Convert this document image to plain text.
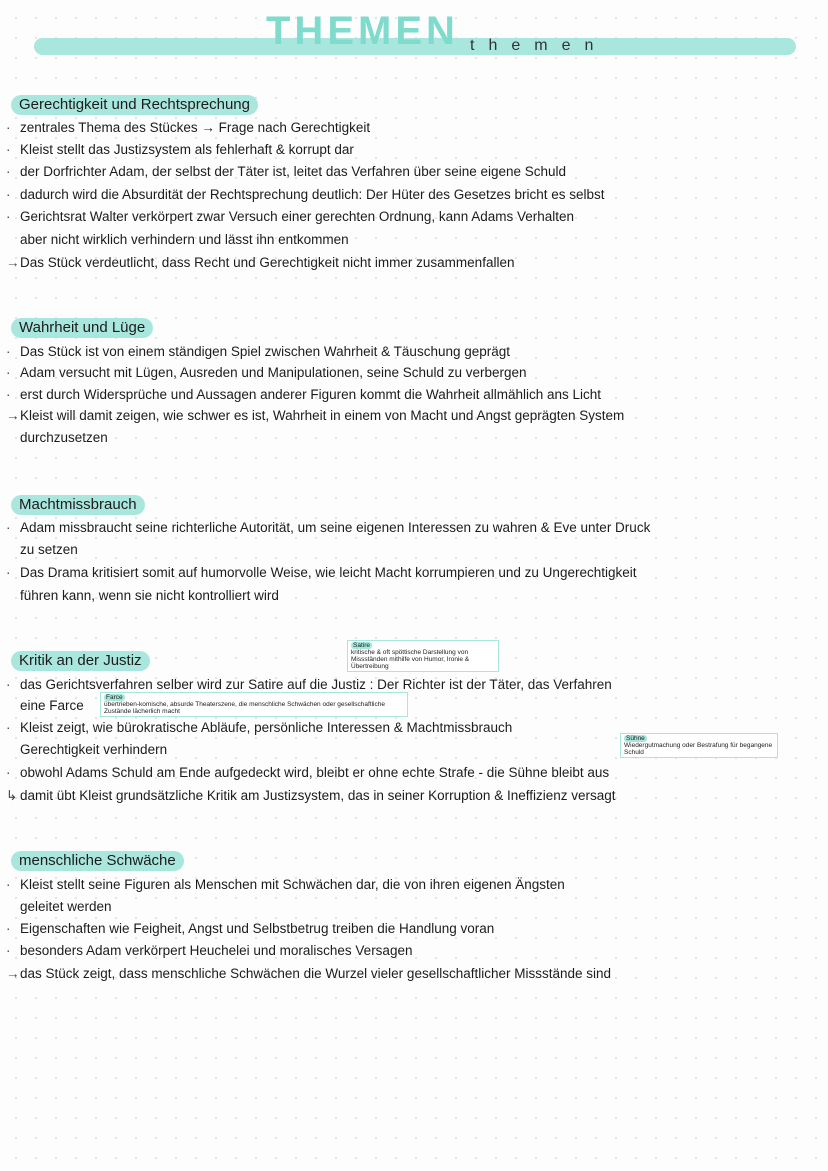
THEMEN themen
Gerechtigkeit und Rechtsprechung
· zentrales Thema des Stückes → Frage nach Gerechtigkeit
· Kleist stellt das Justizsystem als fehlerhaft & korrupt dar
· der Dorfrichter Adam, der selbst der Täter ist, leitet das Verfahren über seine eigene Schuld
· dadurch wird die Absurdität der Rechtsprechung deutlich: Der Hüter des Gesetzes bricht es selbst
· Gerichtsrat Walter verkörpert zwar Versuch einer gerechten Ordnung, kann Adams Verhalten
aber nicht wirklich verhindern und lässt ihn entkommen
→Das Stück verdeutlicht, dass Recht und Gerechtigkeit nicht immer zusammenfallen
Wahrheit und Lüge
· Das Stück ist von einem ständigen Spiel zwischen Wahrheit & Täuschung geprägt
· Adam versucht mit Lügen, Ausreden und Manipulationen, seine Schuld zu verbergen
· erst durch Widersprüche und Aussagen anderer Figuren kommt die Wahrheit allmählich ans Licht
→Kleist will damit zeigen, wie schwer es ist, Wahrheit in einem von Macht und Angst geprägten System
durchzusetzen
Machtmissbrauch
· Adam missbraucht seine richterliche Autorität, um seine eigenen Interessen zu wahren & Eve unter Druck
zu setzen
· Das Drama kritisiert somit auf humorvolle Weise, wie leicht Macht korrumpieren und zu Ungerechtigkeit
führen kann, wenn sie nicht kontrolliert wird
Kritik an der Justiz
· das Gerichtsverfahren selber wird zur Satire auf die Justiz : Der Richter ist der Täter, das Verfahren
eine Farce
· Kleist zeigt, wie bürokratische Abläufe, persönliche Interessen & Machtmissbrauch
Gerechtigkeit verhindern
· obwohl Adams Schuld am Ende aufgedeckt wird, bleibt er ohne echte Strafe - die Sühne bleibt aus
↳ damit übt Kleist grundsätzliche Kritik am Justizsystem, das in seiner Korruption & Ineffizienz versagt
menschliche Schwäche
· Kleist stellt seine Figuren als Menschen mit Schwächen dar, die von ihren eigenen Ängsten
geleitet werden
· Eigenschaften wie Feigheit, Angst und Selbstbetrug treiben die Handlung voran
· besonders Adam verkörpert Heuchelei und moralisches Versagen
→das Stück zeigt, dass menschliche Schwächen die Wurzel vieler gesellschaftlicher Missstände sind
Satire
kritische & oft spöttische Darstellung von Missständen mithilfe von Humor, Ironie & Übertreibung
Farce
übertrieben-komische, absurde Theaterszene, die menschliche Schwächen oder gesellschaftliche Zustände lächerlich macht
Sühne
Wiedergutmachung oder Bestrafung für begangene Schuld
